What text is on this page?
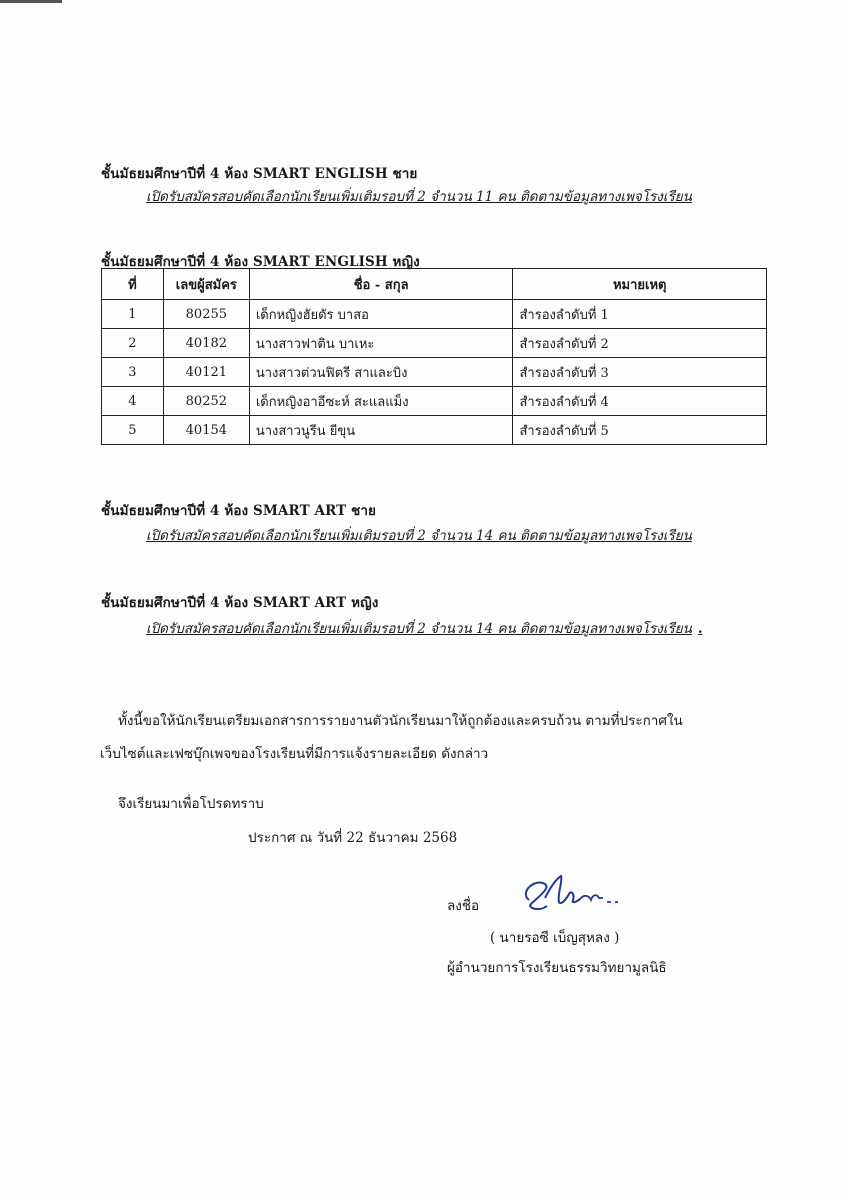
ชั้นมัธยมศึกษาปีที่ 4 ห้อง SMART ENGLISH ชาย
เปิดรับสมัครสอบคัดเลือกนักเรียนเพิ่มเติมรอบที่ 2 จำนวน 11 คน ติดตามข้อมูลทางเพจโรงเรียน
ชั้นมัธยมศึกษาปีที่ 4 ห้อง SMART ENGLISH หญิง
ที่	เลขผู้สมัคร	ชื่อ - สกุล	หมายเหตุ
1	80255	เด็กหญิงฮัยดัร บาสอ	สำรองลำดับที่ 1
2	40182	นางสาวฟาติน บาเหะ	สำรองลำดับที่ 2
3	40121	นางสาวต่วนฟิตรี สาและบิง	สำรองลำดับที่ 3
4	80252	เด็กหญิงอาอีซะห์ สะแลแม็ง	สำรองลำดับที่ 4
5	40154	นางสาวนูรีน ยีขุน	สำรองลำดับที่ 5
ชั้นมัธยมศึกษาปีที่ 4 ห้อง SMART ART ชาย
เปิดรับสมัครสอบคัดเลือกนักเรียนเพิ่มเติมรอบที่ 2 จำนวน 14 คน ติดตามข้อมูลทางเพจโรงเรียน
ชั้นมัธยมศึกษาปีที่ 4 ห้อง SMART ART หญิง
เปิดรับสมัครสอบคัดเลือกนักเรียนเพิ่มเติมรอบที่ 2 จำนวน 14 คน ติดตามข้อมูลทางเพจโรงเรียน .
ทั้งนี้ขอให้นักเรียนเตรียมเอกสารการรายงานตัวนักเรียนมาให้ถูกต้องและครบถ้วน ตามที่ประกาศใน
เว็บไซต์และเฟซบุ๊กเพจของโรงเรียนที่มีการแจ้งรายละเอียด ดังกล่าว
จึงเรียนมาเพื่อโปรดทราบ
ประกาศ ณ วันที่ 22 ธันวาคม 2568
ลงชื่อ
( นายรอซี เบ็ญสุหลง )
ผู้อำนวยการโรงเรียนธรรมวิทยามูลนิธิ
